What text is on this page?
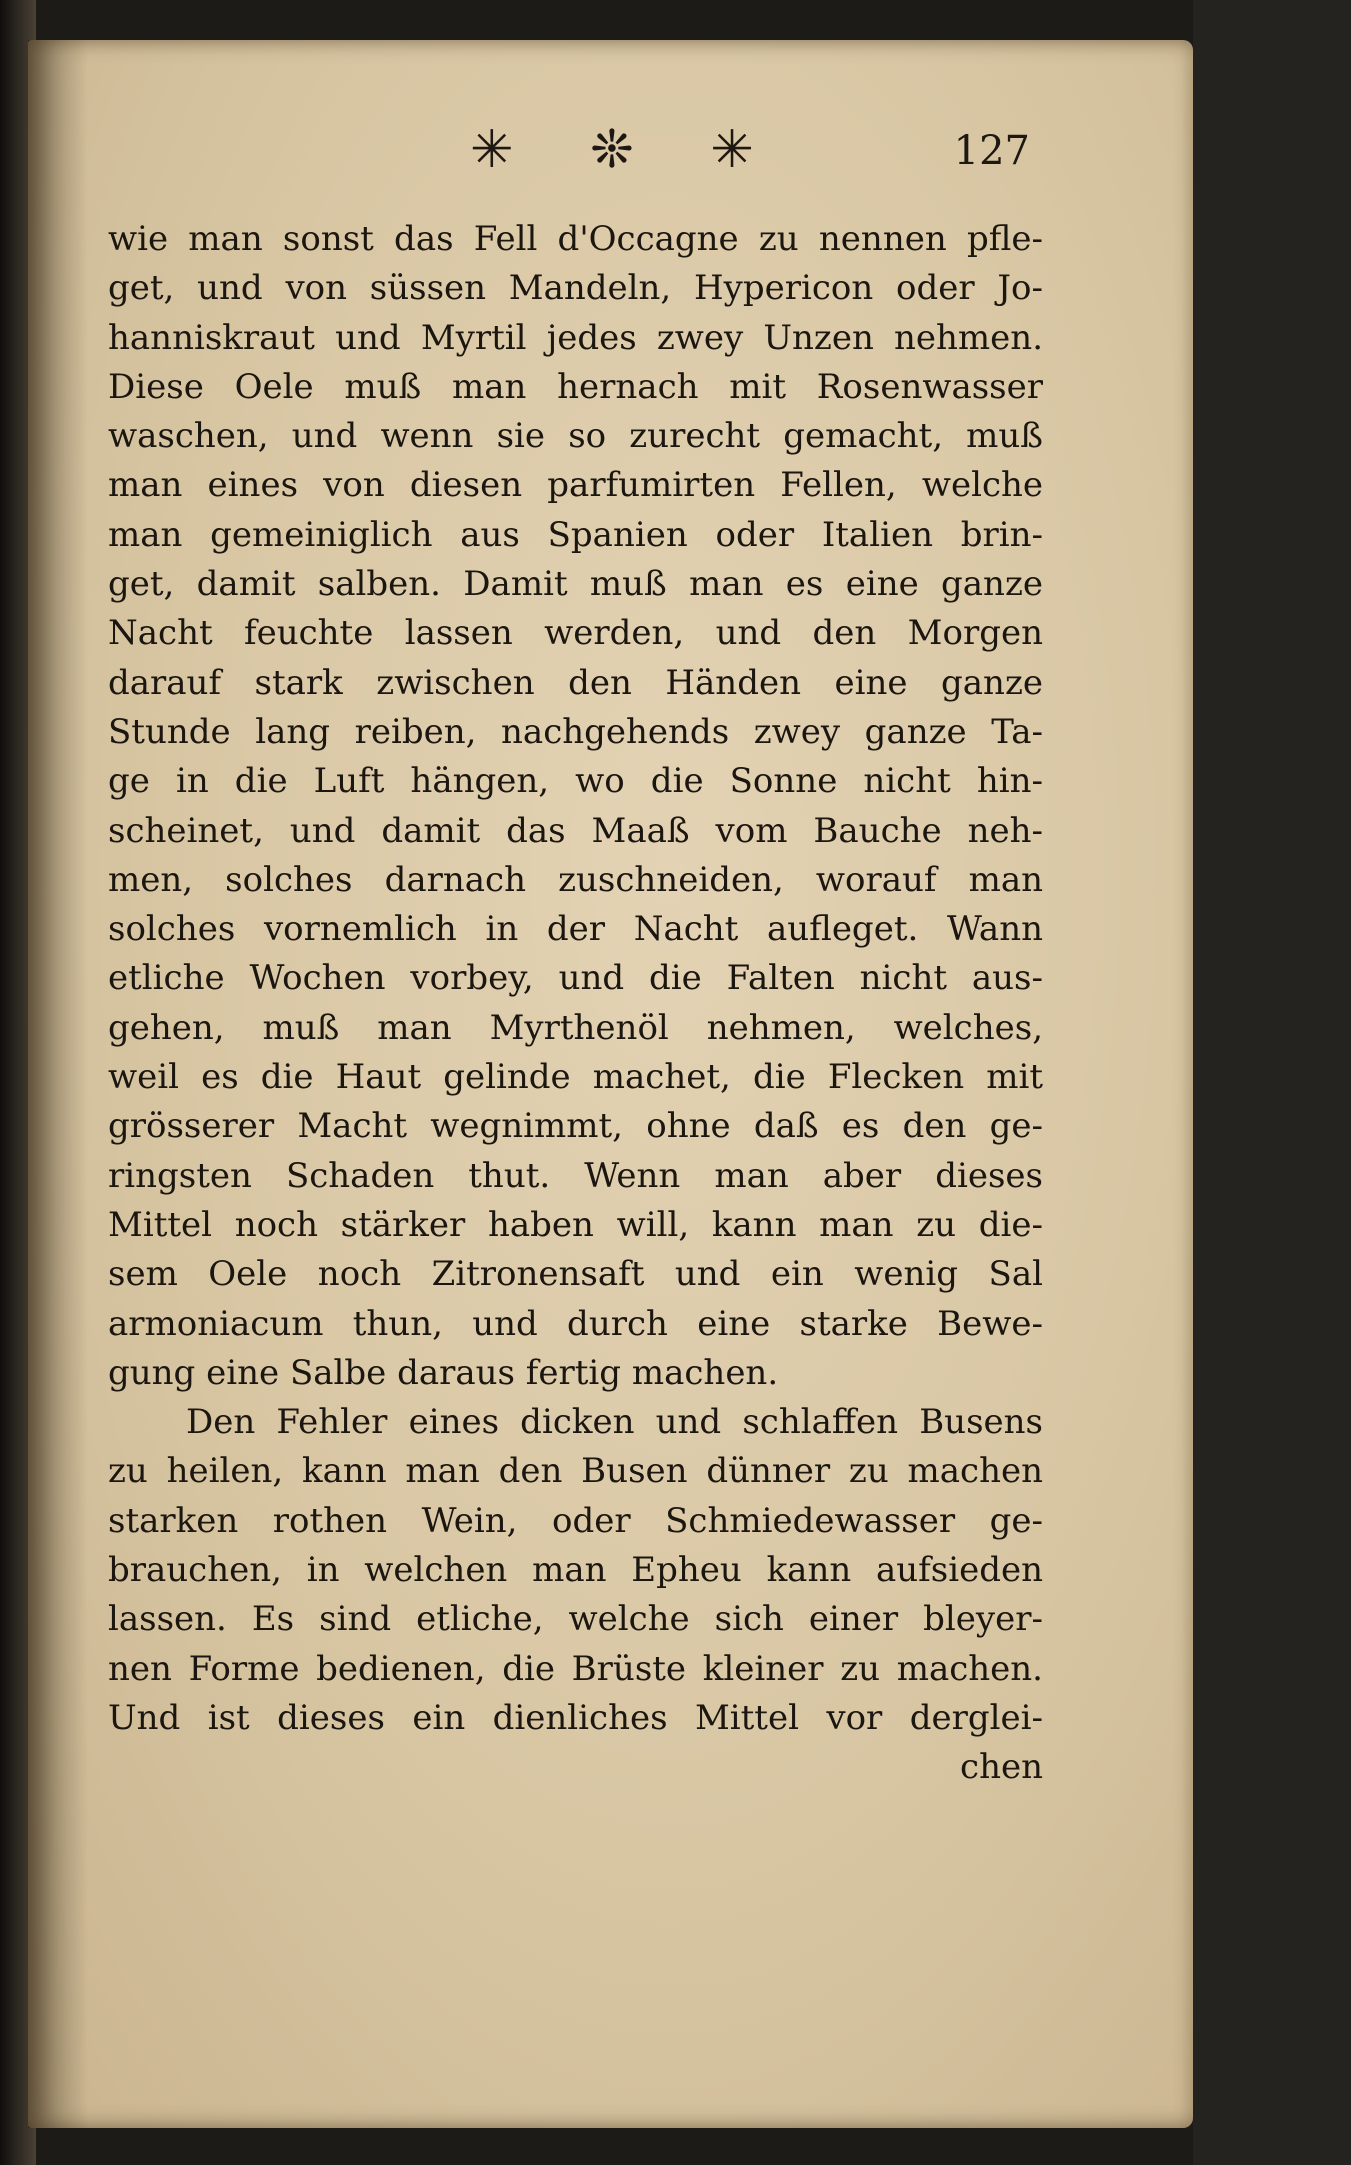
✳ ❊ ✳	127
wie man sonst das Fell d'Occagne zu nennen pfle-
get, und von süssen Mandeln, Hypericon oder Jo-
hanniskraut und Myrtil jedes zwey Unzen nehmen.
Diese Oele muß man hernach mit Rosenwasser
waschen, und wenn sie so zurecht gemacht, muß
man eines von diesen parfumirten Fellen, welche
man gemeiniglich aus Spanien oder Italien brin-
get, damit salben. Damit muß man es eine ganze
Nacht feuchte lassen werden, und den Morgen
darauf stark zwischen den Händen eine ganze
Stunde lang reiben, nachgehends zwey ganze Ta-
ge in die Luft hängen, wo die Sonne nicht hin-
scheinet, und damit das Maaß vom Bauche neh-
men, solches darnach zuschneiden, worauf man
solches vornemlich in der Nacht aufleget. Wann
etliche Wochen vorbey, und die Falten nicht aus-
gehen, muß man Myrthenöl nehmen, welches,
weil es die Haut gelinde machet, die Flecken mit
grösserer Macht wegnimmt, ohne daß es den ge-
ringsten Schaden thut. Wenn man aber dieses
Mittel noch stärker haben will, kann man zu die-
sem Oele noch Zitronensaft und ein wenig Sal
armoniacum thun, und durch eine starke Bewe-
gung eine Salbe daraus fertig machen.
Den Fehler eines dicken und schlaffen Busens
zu heilen, kann man den Busen dünner zu machen
starken rothen Wein, oder Schmiedewasser ge-
brauchen, in welchen man Epheu kann aufsieden
lassen. Es sind etliche, welche sich einer bleyer-
nen Forme bedienen, die Brüste kleiner zu machen.
Und ist dieses ein dienliches Mittel vor derglei-
chen
